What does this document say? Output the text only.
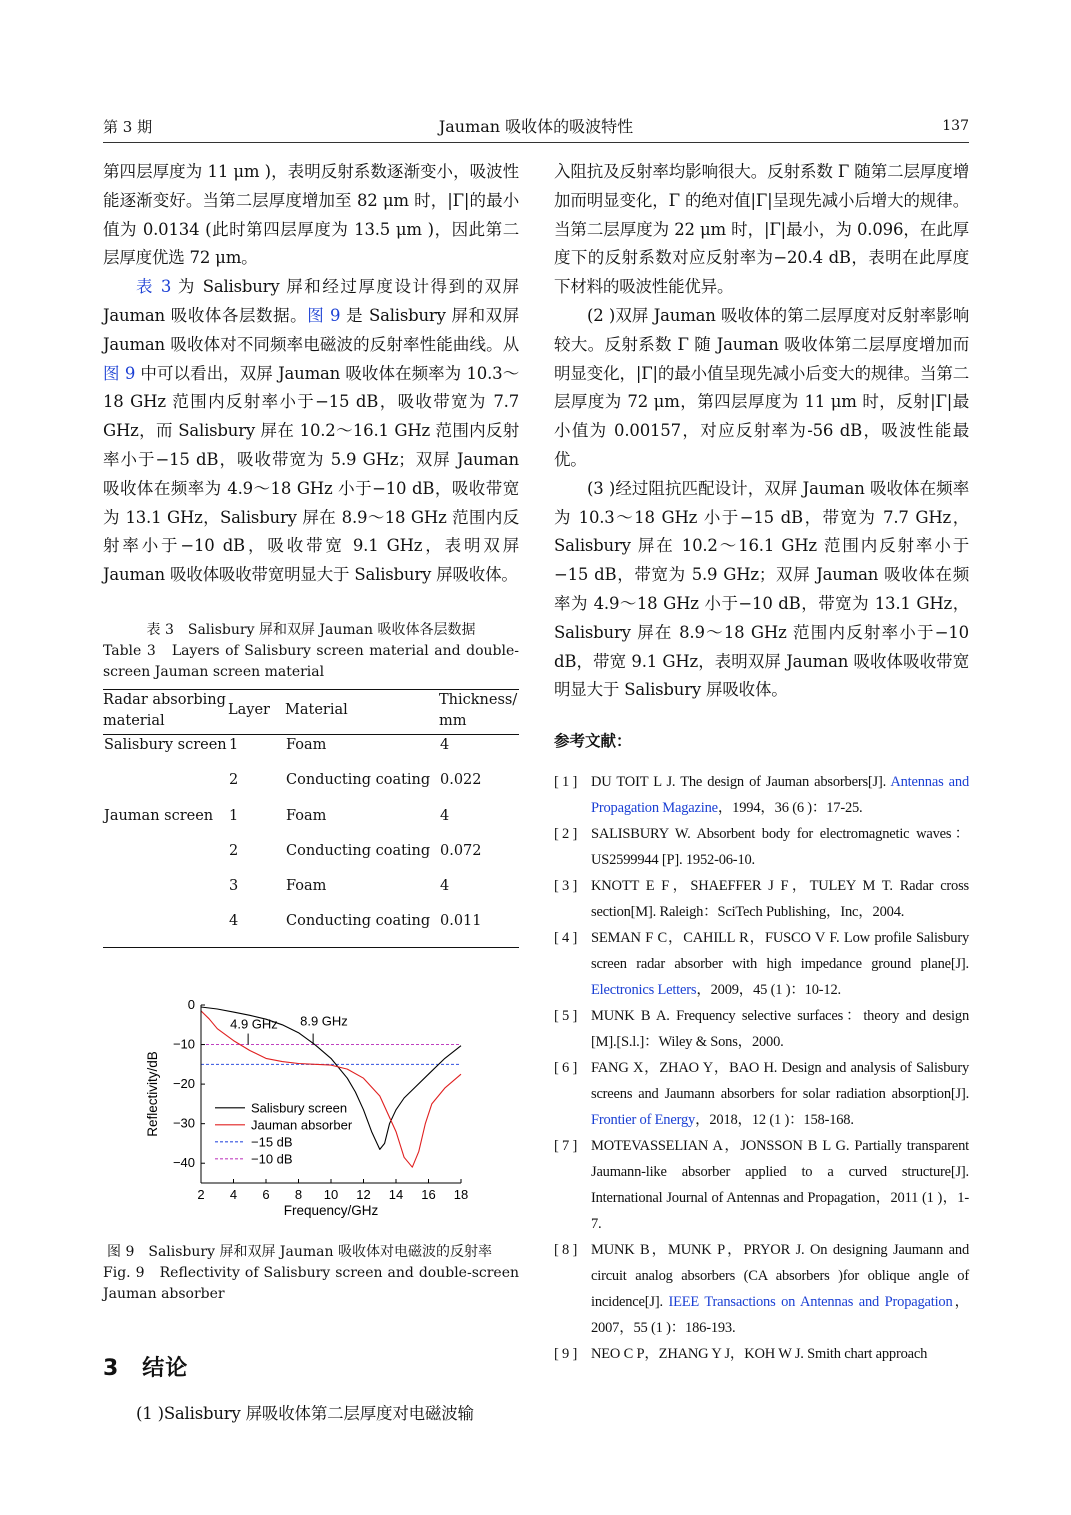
第 3 期	Jauman 吸收体的吸波特性	137

第四层厚度为 11 μm )，表明反射系数逐渐变小，吸波性能逐渐变好。当第二层厚度增加至 82 μm 时，|Γ|的最小值为 0.0134 (此时第四层厚度为 13.5 μm )，因此第二层厚度优选 72 μm。

表 3 为 Salisbury 屏和经过厚度设计得到的双屏 Jauman 吸收体各层数据。图 9 是 Salisbury 屏和双屏 Jauman 吸收体对不同频率电磁波的反射率性能曲线。从图 9 中可以看出，双屏 Jauman 吸收体在频率为 10.3～18 GHz 范围内反射率小于−15 dB，吸收带宽为 7.7 GHz，而 Salisbury 屏在 10.2～16.1 GHz 范围内反射率小于−15 dB，吸收带宽为 5.9 GHz；双屏 Jauman 吸收体在频率为 4.9～18 GHz 小于−10 dB，吸收带宽为 13.1 GHz，Salisbury 屏在 8.9～18 GHz 范围内反射率小于−10 dB，吸收带宽 9.1 GHz，表明双屏 Jauman 吸收体吸收带宽明显大于 Salisbury 屏吸收体。

表 3　Salisbury 屏和双屏 Jauman 吸收体各层数据
Table 3　Layers of Salisbury screen material and double-screen Jauman screen material
Radar absorbing material	Layer	Material	Thickness/ mm
Salisbury screen	1	Foam	4
	2	Conducting coating	0.022
Jauman screen	1	Foam	4
	2	Conducting coating	0.072
	3	Foam	4
	4	Conducting coating	0.011
2 4 6 8 10 12 14 16 18
0
−10
−20
−30
−40
Frequency/GHz
Reflectivity/dB
4.9 GHz 8.9 GHz
Salisbury screen
Jauman absorber
−15 dB
−10 dB
图 9　Salisbury 屏和双屏 Jauman 吸收体对电磁波的反射率
Fig. 9　Reflectivity of Salisbury screen and double-screen Jauman absorber
3　结论

(1 )Salisbury 屏吸收体第二层厚度对电磁波输

入阻抗及反射率均影响很大。反射系数 Γ 随第二层厚度增加而明显变化，Γ 的绝对值|Γ|呈现先减小后增大的规律。当第二层厚度为 22 μm 时，|Γ|最小，为 0.096，在此厚度下的反射系数对应反射率为−20.4 dB，表明在此厚度下材料的吸波性能优异。

(2 )双屏 Jauman 吸收体的第二层厚度对反射率影响较大。反射系数 Γ 随 Jauman 吸收体第二层厚度增加而明显变化，|Γ|的最小值呈现先减小后变大的规律。当第二层厚度为 72 μm，第四层厚度为 11 μm 时，反射|Γ|最小值为 0.00157，对应反射率为-56 dB，吸波性能最优。

(3 )经过阻抗匹配设计，双屏 Jauman 吸收体在频率为 10.3～18 GHz 小于−15 dB，带宽为 7.7 GHz，Salisbury 屏在 10.2～16.1 GHz 范围内反射率小于−15 dB，带宽为 5.9 GHz；双屏 Jauman 吸收体在频率为 4.9～18 GHz 小于−10 dB，带宽为 13.1 GHz，Salisbury 屏在 8.9～18 GHz 范围内反射率小于−10 dB，带宽 9.1 GHz，表明双屏 Jauman 吸收体吸收带宽明显大于 Salisbury 屏吸收体。

参考文献：
[ 1 ] DU TOIT L J. The design of Jauman absorbers[J]. Antennas and Propagation Magazine，1994，36 (6 )：17-25.
[ 2 ] SALISBURY W. Absorbent body for electromagnetic waves：US2599944 [P]. 1952-06-10.
[ 3 ] KNOTT E F，SHAEFFER J F，TULEY M T. Radar cross section[M]. Raleigh：SciTech Publishing，Inc，2004.
[ 4 ] SEMAN F C，CAHILL R，FUSCO V F. Low profile Salisbury screen radar absorber with high impedance ground plane[J]. Electronics Letters，2009，45 (1 )：10-12.
[ 5 ] MUNK B A. Frequency selective surfaces：theory and design [M].[S.l.]：Wiley & Sons，2000.
[ 6 ] FANG X，ZHAO Y，BAO H. Design and analysis of Salisbury screens and Jaumann absorbers for solar radiation absorption[J]. Frontier of Energy，2018，12 (1 )：158-168.
[ 7 ] MOTEVASSELIAN A，JONSSON B L G. Partially transparent Jaumann-like absorber applied to a curved structure[J]. International Journal of Antennas and Propagation，2011 (1 )，1-7.
[ 8 ] MUNK B，MUNK P，PRYOR J. On designing Jaumann and circuit analog absorbers (CA absorbers )for oblique angle of incidence[J]. IEEE Transactions on Antennas and Propagation，2007，55 (1 )：186-193.
[ 9 ] NEO C P，ZHANG Y J，KOH W J. Smith chart approach
